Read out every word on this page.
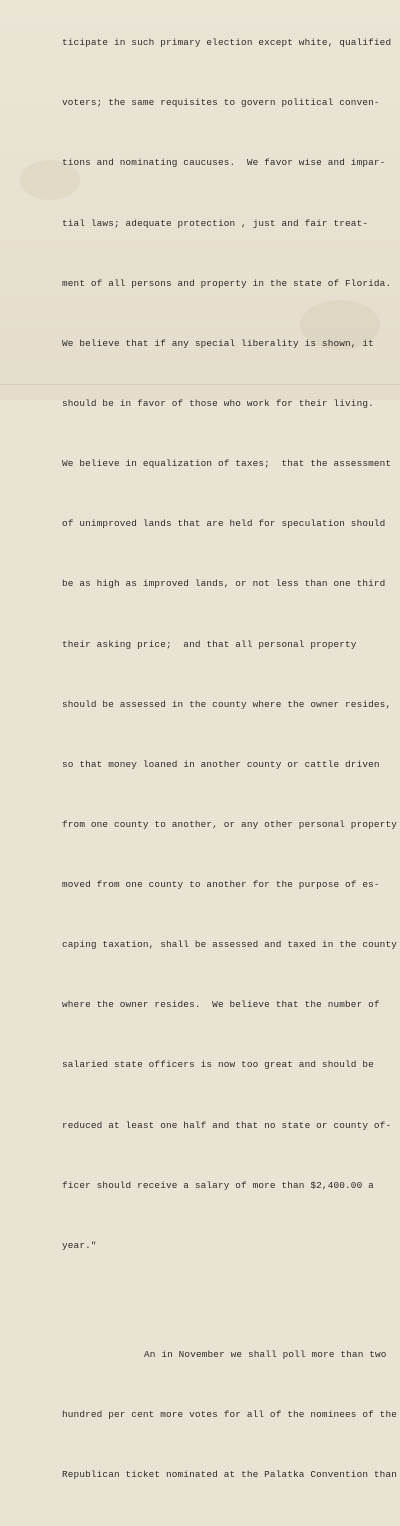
ticipate in such primary election except white, qualified

voters; the same requisites to govern political conven-

tions and nominating caucuses.  We favor wise and impar-

tial laws; adequate protection , just and fair treat-

ment of all persons and property in the state of Florida.

We believe that if any special liberality is shown, it

should be in favor of those who work for their living.

We believe in equalization of taxes;  that the assessment

of unimproved lands that are held for speculation should

be as high as improved lands, or not less than one third

their asking price;  and that all personal property

should be assessed in the county where the owner resides,

so that money loaned in another county or cattle driven

from one county to another, or any other personal property

moved from one county to another for the purpose of es-

caping taxation, shall be assessed and taxed in the county

where the owner resides.  We believe that the number of

salaried state officers is now too great and should be

reduced at least one half and that no state or county of-

ficer should receive a salary of more than $2,400.00 a

year."

An in November we shall poll more than two

hundred per cent more votes for all of the nominees of the

Republican ticket nominated at the Palatka Convention than
